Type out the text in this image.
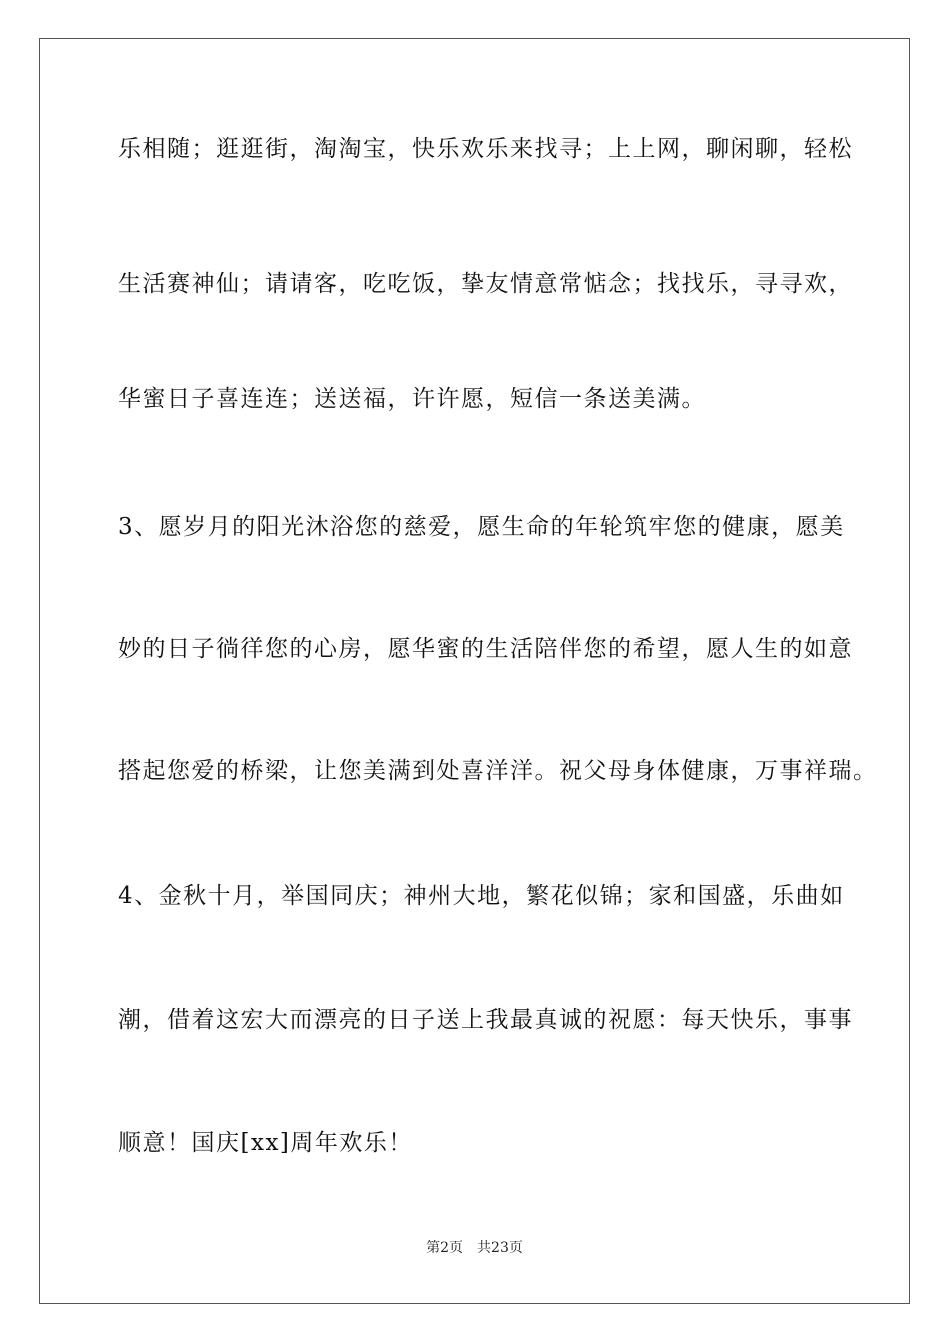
乐相随；逛逛街，淘淘宝，快乐欢乐来找寻；上上网，聊闲聊，轻松

生活赛神仙；请请客，吃吃饭，挚友情意常惦念；找找乐，寻寻欢，

华蜜日子喜连连；送送福，许许愿，短信一条送美满。

3、愿岁月的阳光沐浴您的慈爱，愿生命的年轮筑牢您的健康，愿美

妙的日子徜徉您的心房，愿华蜜的生活陪伴您的希望，愿人生的如意

搭起您爱的桥梁，让您美满到处喜洋洋。祝父母身体健康，万事祥瑞。

4、金秋十月，举国同庆；神州大地，繁花似锦；家和国盛，乐曲如

潮，借着这宏大而漂亮的日子送上我最真诚的祝愿：每天快乐，事事

顺意！国庆[xx]周年欢乐！

第2页 共23页
